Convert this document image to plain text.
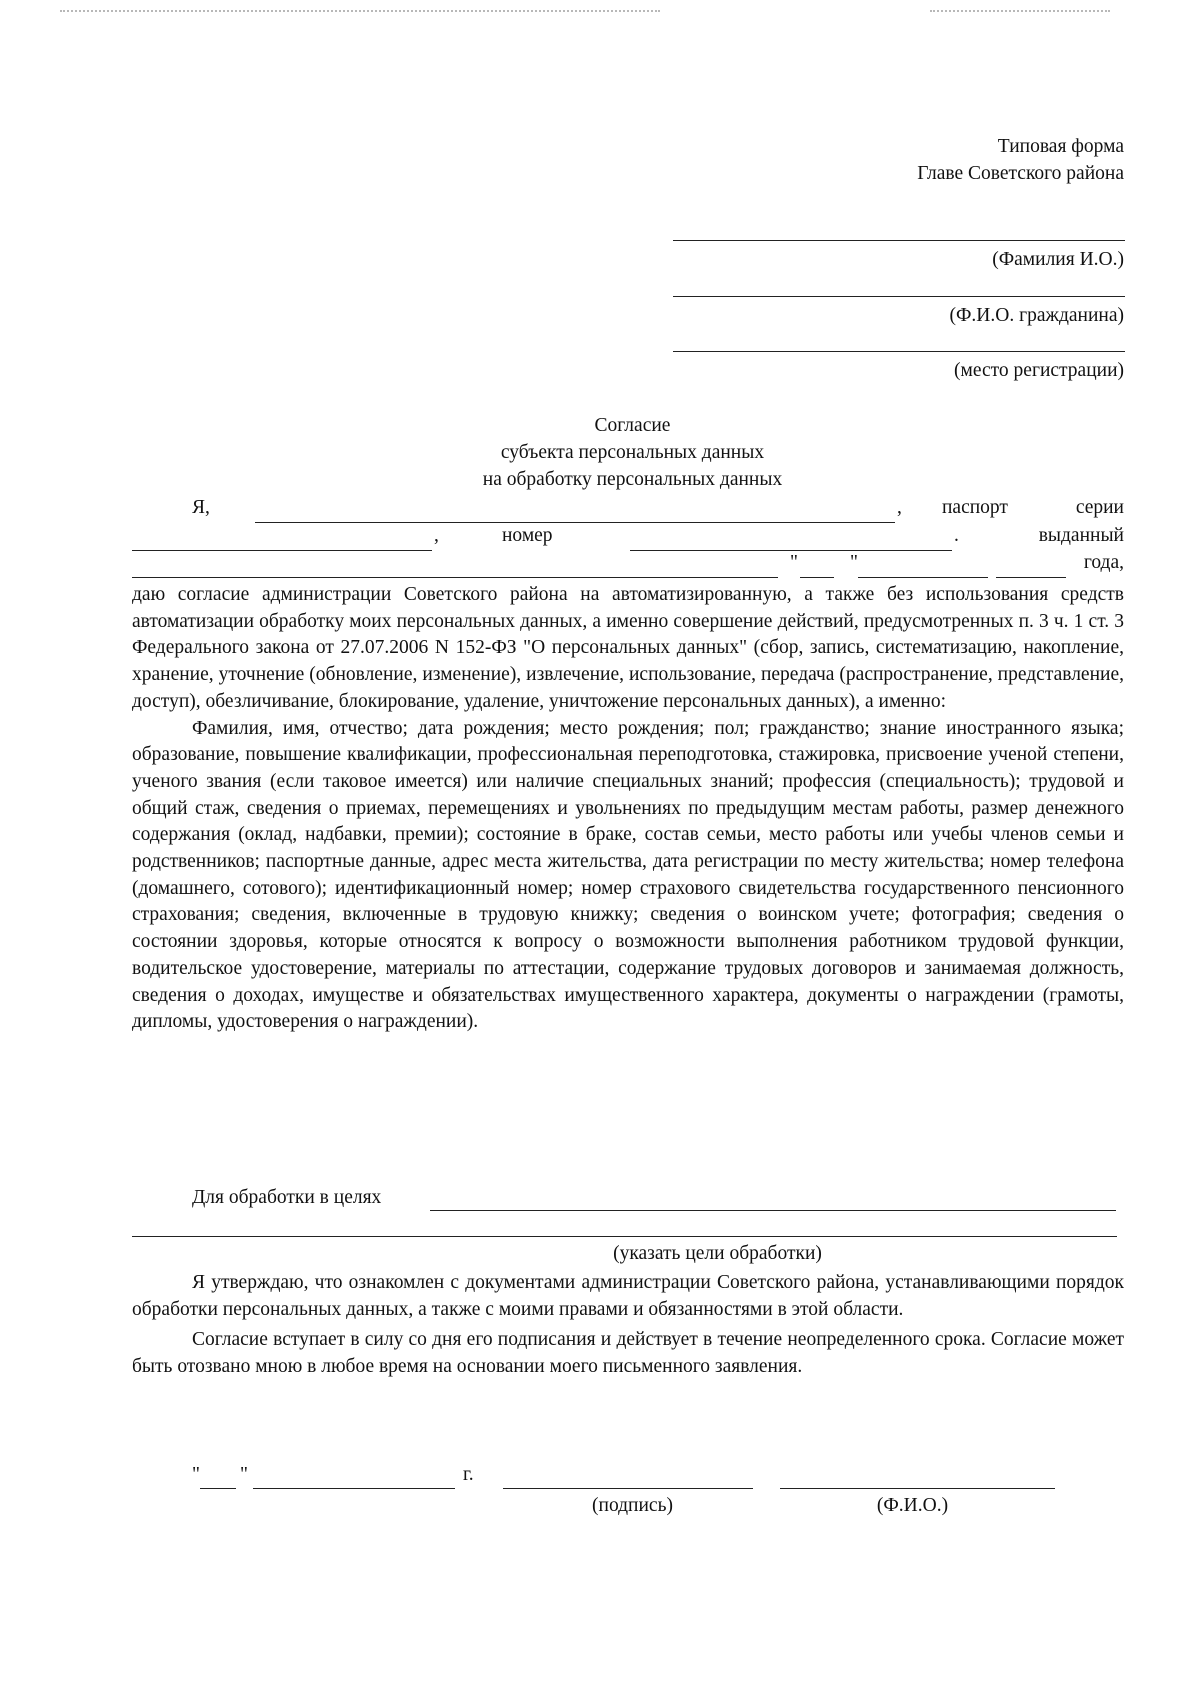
Типовая форма
Главе Советского района
(Фамилия И.О.)
(Ф.И.О. гражданина)
(место регистрации)
Согласие
субъекта персональных данных
на обработку персональных данных
Я,	, паспорт	серии
,	номер	.	выданный
"	"	года,

даю согласие администрации Советского района на автоматизированную, а также без использования средств автоматизации обработку моих персональных данных, а именно совершение действий, предусмотренных п. 3 ч. 1 ст. 3 Федерального закона от 27.07.2006 N 152-ФЗ "О персональных данных" (сбор, запись, систематизацию, накопление, хранение, уточнение (обновление, изменение), извлечение, использование, передача (распространение, представление, доступ), обезличивание, блокирование, удаление, уничтожение персональных данных), а именно:

Фамилия, имя, отчество; дата рождения; место рождения; пол; гражданство; знание иностранного языка; образование, повышение квалификации, профессиональная переподготовка, стажировка, присвоение ученой степени, ученого звания (если таковое имеется) или наличие специальных знаний; профессия (специальность); трудовой и общий стаж, сведения о приемах, перемещениях и увольнениях по предыдущим местам работы, размер денежного содержания (оклад, надбавки, премии); состояние в браке, состав семьи, место работы или учебы членов семьи и родственников; паспортные данные, адрес места жительства, дата регистрации по месту жительства; номер телефона (домашнего, сотового); идентификационный номер; номер страхового свидетельства государственного пенсионного страхования; сведения, включенные в трудовую книжку; сведения о воинском учете; фотография; сведения о состоянии здоровья, которые относятся к вопросу о возможности выполнения работником трудовой функции, водительское удостоверение, материалы по аттестации, содержание трудовых договоров и занимаемая должность, сведения о доходах, имуществе и обязательствах имущественного характера, документы о награждении (грамоты, дипломы, удостоверения о награждении).

Для обработки в целях
(указать цели обработки)

Я утверждаю, что ознакомлен с документами администрации Советского района, устанавливающими порядок обработки персональных данных, а также с моими правами и обязанностями в этой области.

Согласие вступает в силу со дня его подписания и действует в течение неопределенного срока. Согласие может быть отозвано мною в любое время на основании моего письменного заявления.

" "	г.
(подпись)	(Ф.И.О.)
